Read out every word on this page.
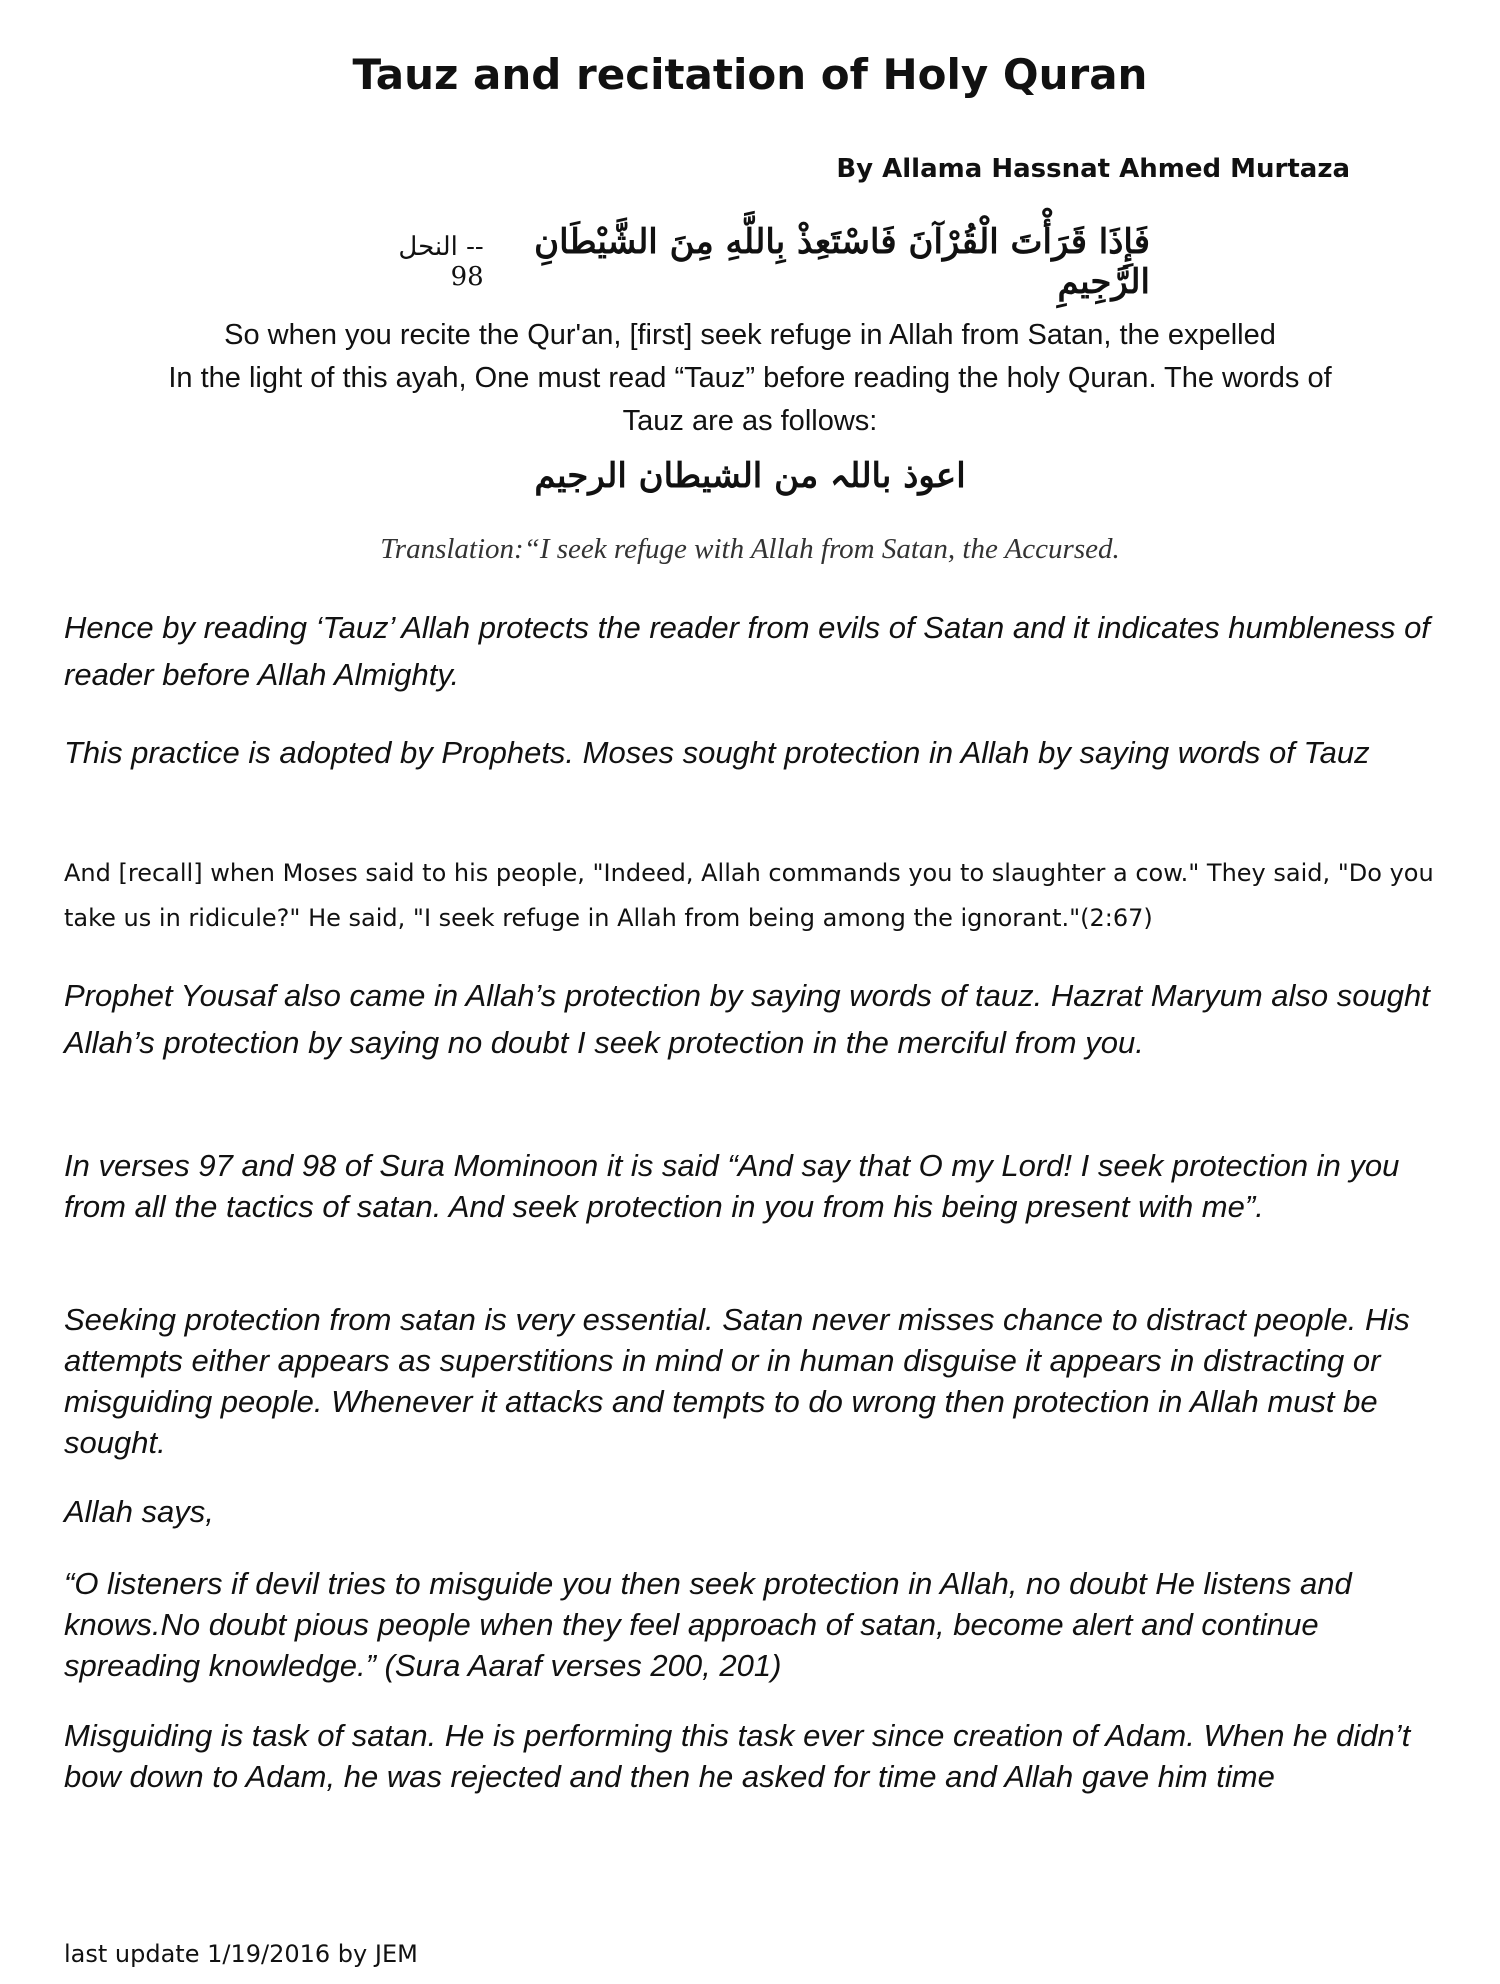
Tauz and recitation of Holy Quran
By Allama Hassnat Ahmed Murtaza
فَإِذَا قَرَأْتَ الْقُرْآنَ فَاسْتَعِذْ بِاللَّهِ مِنَ الشَّيْطَانِ الرَّجِيمِ
-- النحل 98
So when you recite the Qur'an, [first] seek refuge in Allah from Satan, the expelled
In the light of this ayah, One must read “Tauz” before reading the holy Quran. The words of
Tauz are as follows:
اعوذ باللہ من الشیطان الرجیم
Translation:“I seek refuge with Allah from Satan, the Accursed.

Hence by reading ‘Tauz’ Allah protects the reader from evils of Satan and it indicates humbleness of reader before Allah Almighty.

This practice is adopted by Prophets. Moses sought protection in Allah by saying words of Tauz

And [recall] when Moses said to his people, "Indeed, Allah commands you to slaughter a cow." They said, "Do you take us in ridicule?" He said, "I seek refuge in Allah from being among the ignorant."(2:67)

Prophet Yousaf also came in Allah’s protection by saying words of tauz. Hazrat Maryum also sought Allah’s protection by saying no doubt I seek protection in the merciful from you.

In verses 97 and 98 of Sura Mominoon it is said “And say that O my Lord! I seek protection in you from all the tactics of satan. And seek protection in you from his being present with me”.

Seeking protection from satan is very essential. Satan never misses chance to distract people. His attempts either appears as superstitions in mind or in human disguise it appears in distracting or misguiding people. Whenever it attacks and tempts to do wrong then protection in Allah must be sought.

Allah says,

“O listeners if devil tries to misguide you then seek protection in Allah, no doubt He listens and knows.No doubt pious people when they feel approach of satan, become alert and continue spreading knowledge.” (Sura Aaraf verses 200, 201)

Misguiding is task of satan. He is performing this task ever since creation of Adam. When he didn’t bow down to Adam, he was rejected and then he asked for time and Allah gave him time

last update 1/19/2016 by JEM
